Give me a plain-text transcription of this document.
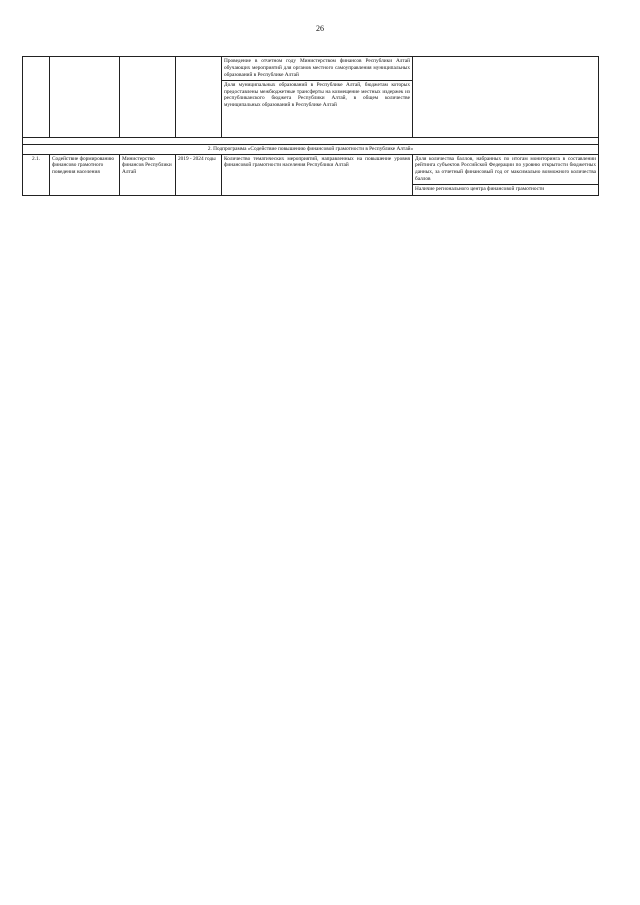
26
				Проведение в отчетном году Министерством финансов Республики Алтай обучающих мероприятий для органов местного самоуправления муниципальных образований в Республике Алтай	
				Доля муниципальных образований в Республике Алтай, бюджетам которых предоставлены межбюджетные трансферты на козмещение местных издержек из республиканского бюджета Республики Алтай, в общем количестве муниципальных образований в Республике Алтай	

2. Подпрограмма «Содействие повышению финансовой грамотности в Республике Алтай»					
2.1.	Содействие формированию финансово грамотного поведения населения	Министерство финансов Республики Алтай	2019 - 2024 годы	Количество тематических мероприятий, направленных на повышение уровня финансовой грамотности населения Республики Алтай	Доля количества баллов, набранных по итогам мониторинга в составлении рейтинга субъектов Российской Федерации по уровню открытости бюджетных данных, за отчетный финансовый год от максимально возможного количества баллов
					Наличие регионального центра финансовой грамотности
